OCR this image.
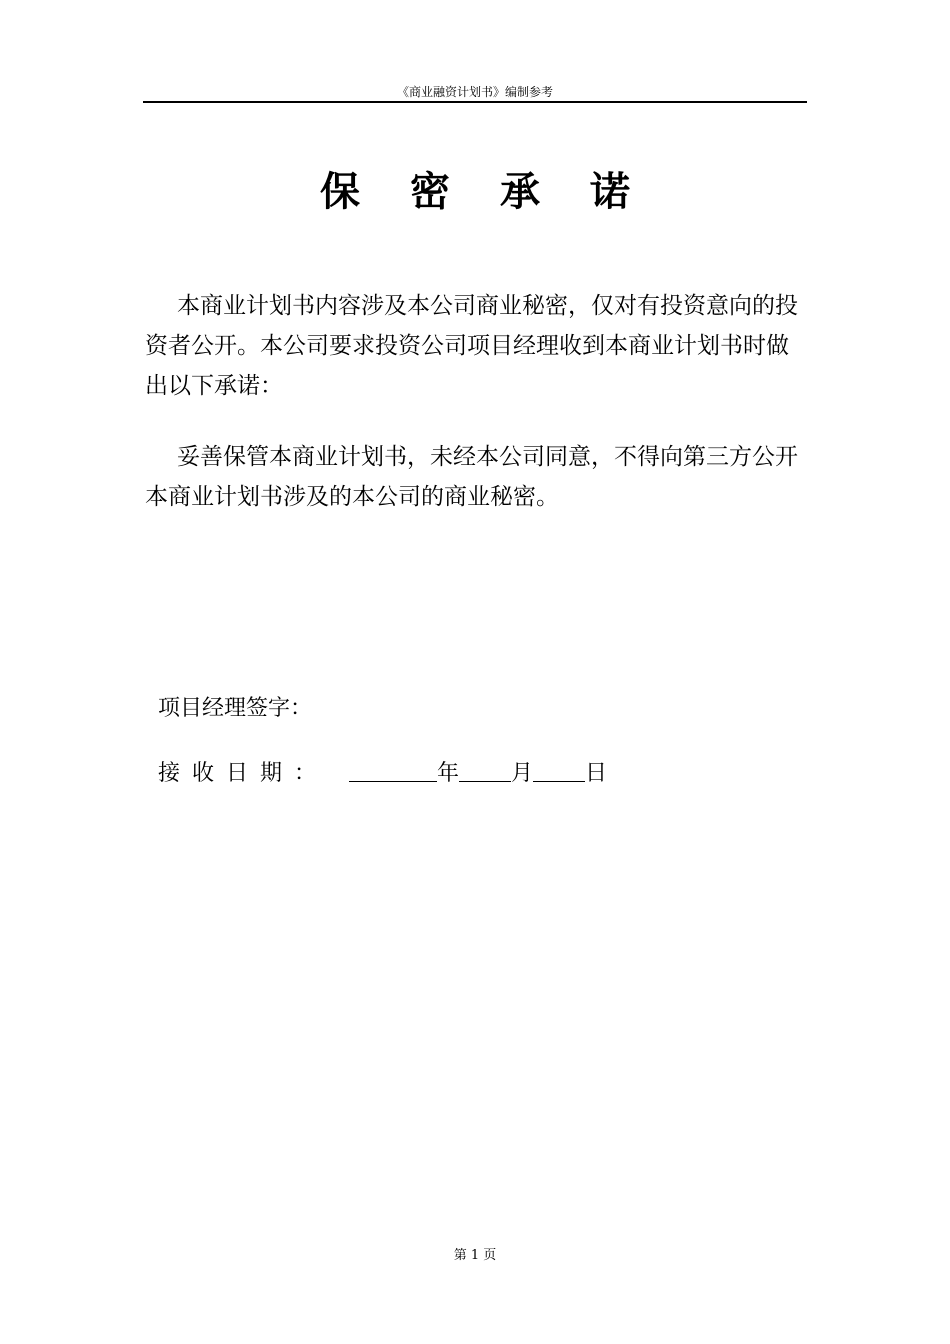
《商业融资计划书》编制参考
保密承诺
本商业计划书内容涉及本公司商业秘密，仅对有投资意向的投资者公开。本公司要求投资公司项目经理收到本商业计划书时做出以下承诺：
妥善保管本商业计划书，未经本公司同意，不得向第三方公开本商业计划书涉及的本公司的商业秘密。
项目经理签字：
接收日期：	年 月 日
第 1 页
